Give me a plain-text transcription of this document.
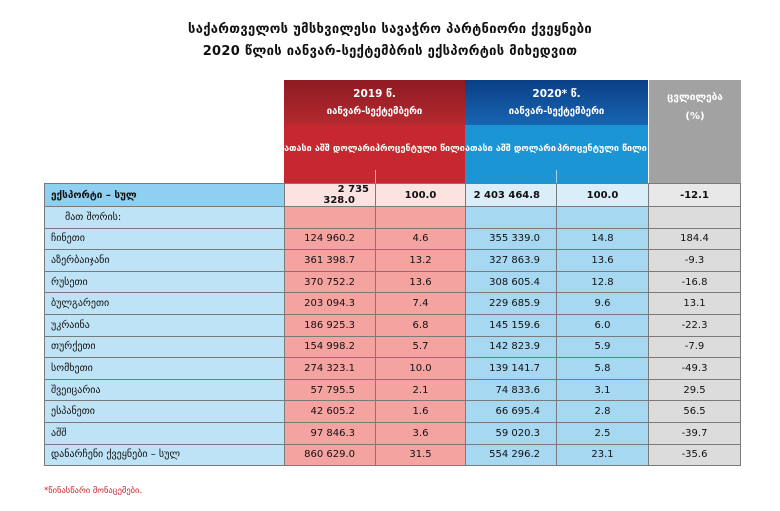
საქართველოს უმსხვილესი სავაჭრო პარტნიორი ქვეყნები
2020 წლის იანვარ-სექტემბრის ექსპორტის მიხედვით
2019 წ.
იანვარ-სექტემბერი
ათასი აშშ დოლარი პროცენტული წილი
2020* წ.
იანვარ-სექტემბერი
ათასი აშშ დოლარი პროცენტული წილი
ცვლილება
(%)
ექსპორტი – სულ	2 735 328.0	100.0	2 403 464.8	100.0	-12.1
მათ შორის:					
ჩინეთი	124 960.2	4.6	355 339.0	14.8	184.4
აზერბაიჯანი	361 398.7	13.2	327 863.9	13.6	-9.3
რუსეთი	370 752.2	13.6	308 605.4	12.8	-16.8
ბულგარეთი	203 094.3	7.4	229 685.9	9.6	13.1
უკრაინა	186 925.3	6.8	145 159.6	6.0	-22.3
თურქეთი	154 998.2	5.7	142 823.9	5.9	-7.9
სომხეთი	274 323.1	10.0	139 141.7	5.8	-49.3
შვეიცარია	57 795.5	2.1	74 833.6	3.1	29.5
ესპანეთი	42 605.2	1.6	66 695.4	2.8	56.5
აშშ	97 846.3	3.6	59 020.3	2.5	-39.7
დანარჩენი ქვეყნები – სულ	860 629.0	31.5	554 296.2	23.1	-35.6
*წინასწარი მონაცემები.
